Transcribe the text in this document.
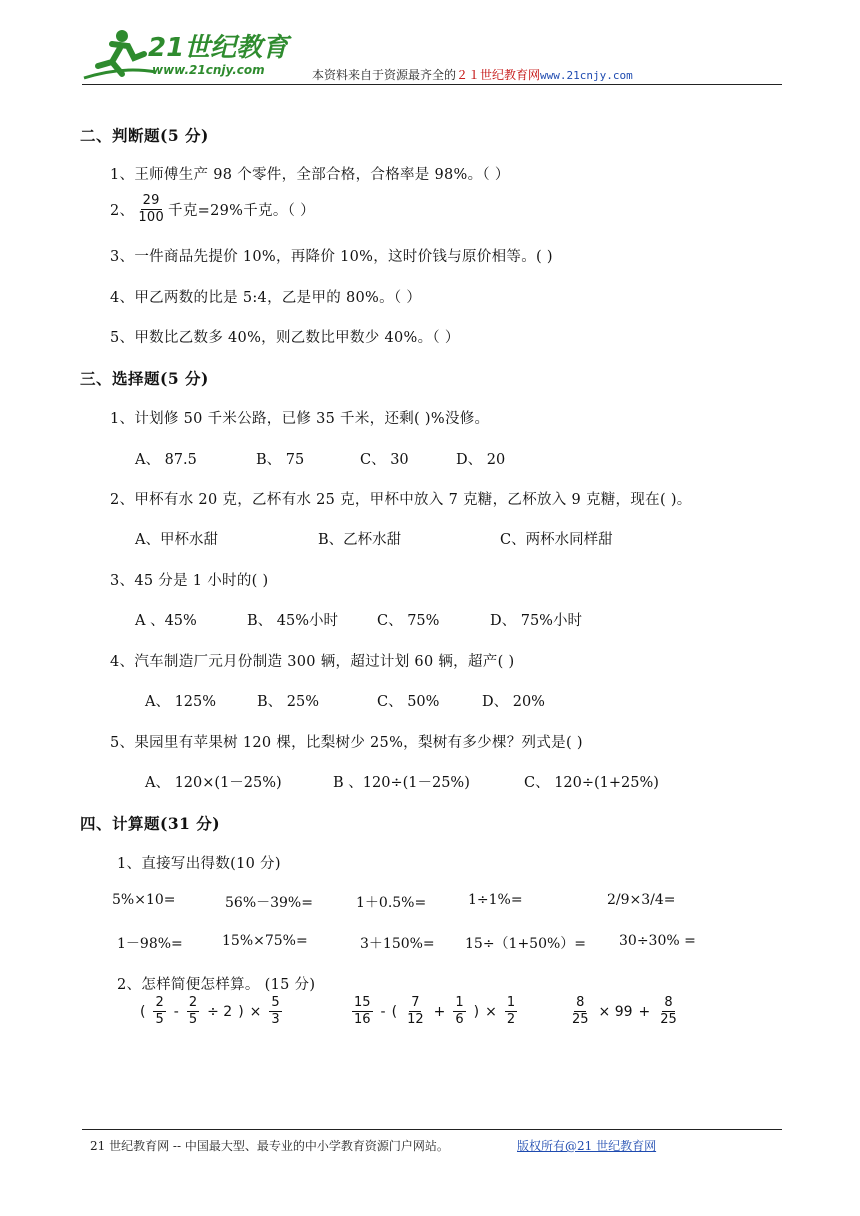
21世纪教育
www.21cnjy.com	本资料来自于资源最齐全的２１世纪教育网www.21cnjy.com
二、判断题(5 分)
1、王师傅生产 98 个零件，全部合格，合格率是 98%。（ ）
2、 $\frac{29}{100}$ 千克=29%千克。（ ）
3、一件商品先提价 10%，再降价 10%，这时价钱与原价相等。( )
4、甲乙两数的比是 5:4，乙是甲的 80%。（ ）
5、甲数比乙数多 40%，则乙数比甲数少 40%。（ ）
三、选择题(5 分)
1、计划修 50 千米公路，已修 35 千米，还剩( )%没修。
A、 87.5	B、 75	C、 30	D、 20
2、甲杯有水 20 克，乙杯有水 25 克，甲杯中放入 7 克糖，乙杯放入 9 克糖，现在( )。
A、甲杯水甜	B、乙杯水甜	C、两杯水同样甜
3、45 分是 1 小时的( )
A 、45%	B、 45%小时	C、 75%	D、 75%小时
4、汽车制造厂元月份制造 300 辆，超过计划 60 辆，超产( )
A、 125%	B、 25%	C、 50%	D、 20%
5、果园里有苹果树 120 棵，比梨树少 25%，梨树有多少棵？列式是( )
A、 120×(1－25%)	B 、120÷(1－25%)	C、 120÷(1+25%)
四、计算题(31 分)
1、直接写出得数(10 分)
5%×10=	56%－39%=	1＋0.5%=	1÷1%=	2/9×3/4=
1－98%=	15%×75%=	3＋150%= 15÷（1+50%）= 30÷30% =
2、怎样简便怎样算。 (15 分)
( $\frac{2}{5} - \frac{2}{5} \div 2$ ) × $\frac{5}{3}$	$\frac{15}{16}$ - ( $\frac{7}{12} + \frac{1}{6}$ ) × $\frac{1}{2}$	$\frac{8}{25} \times 99 + \frac{8}{25}$
21 世纪教育网 -- 中国最大型、最专业的中小学教育资源门户网站。	版权所有@21 世纪教育网
